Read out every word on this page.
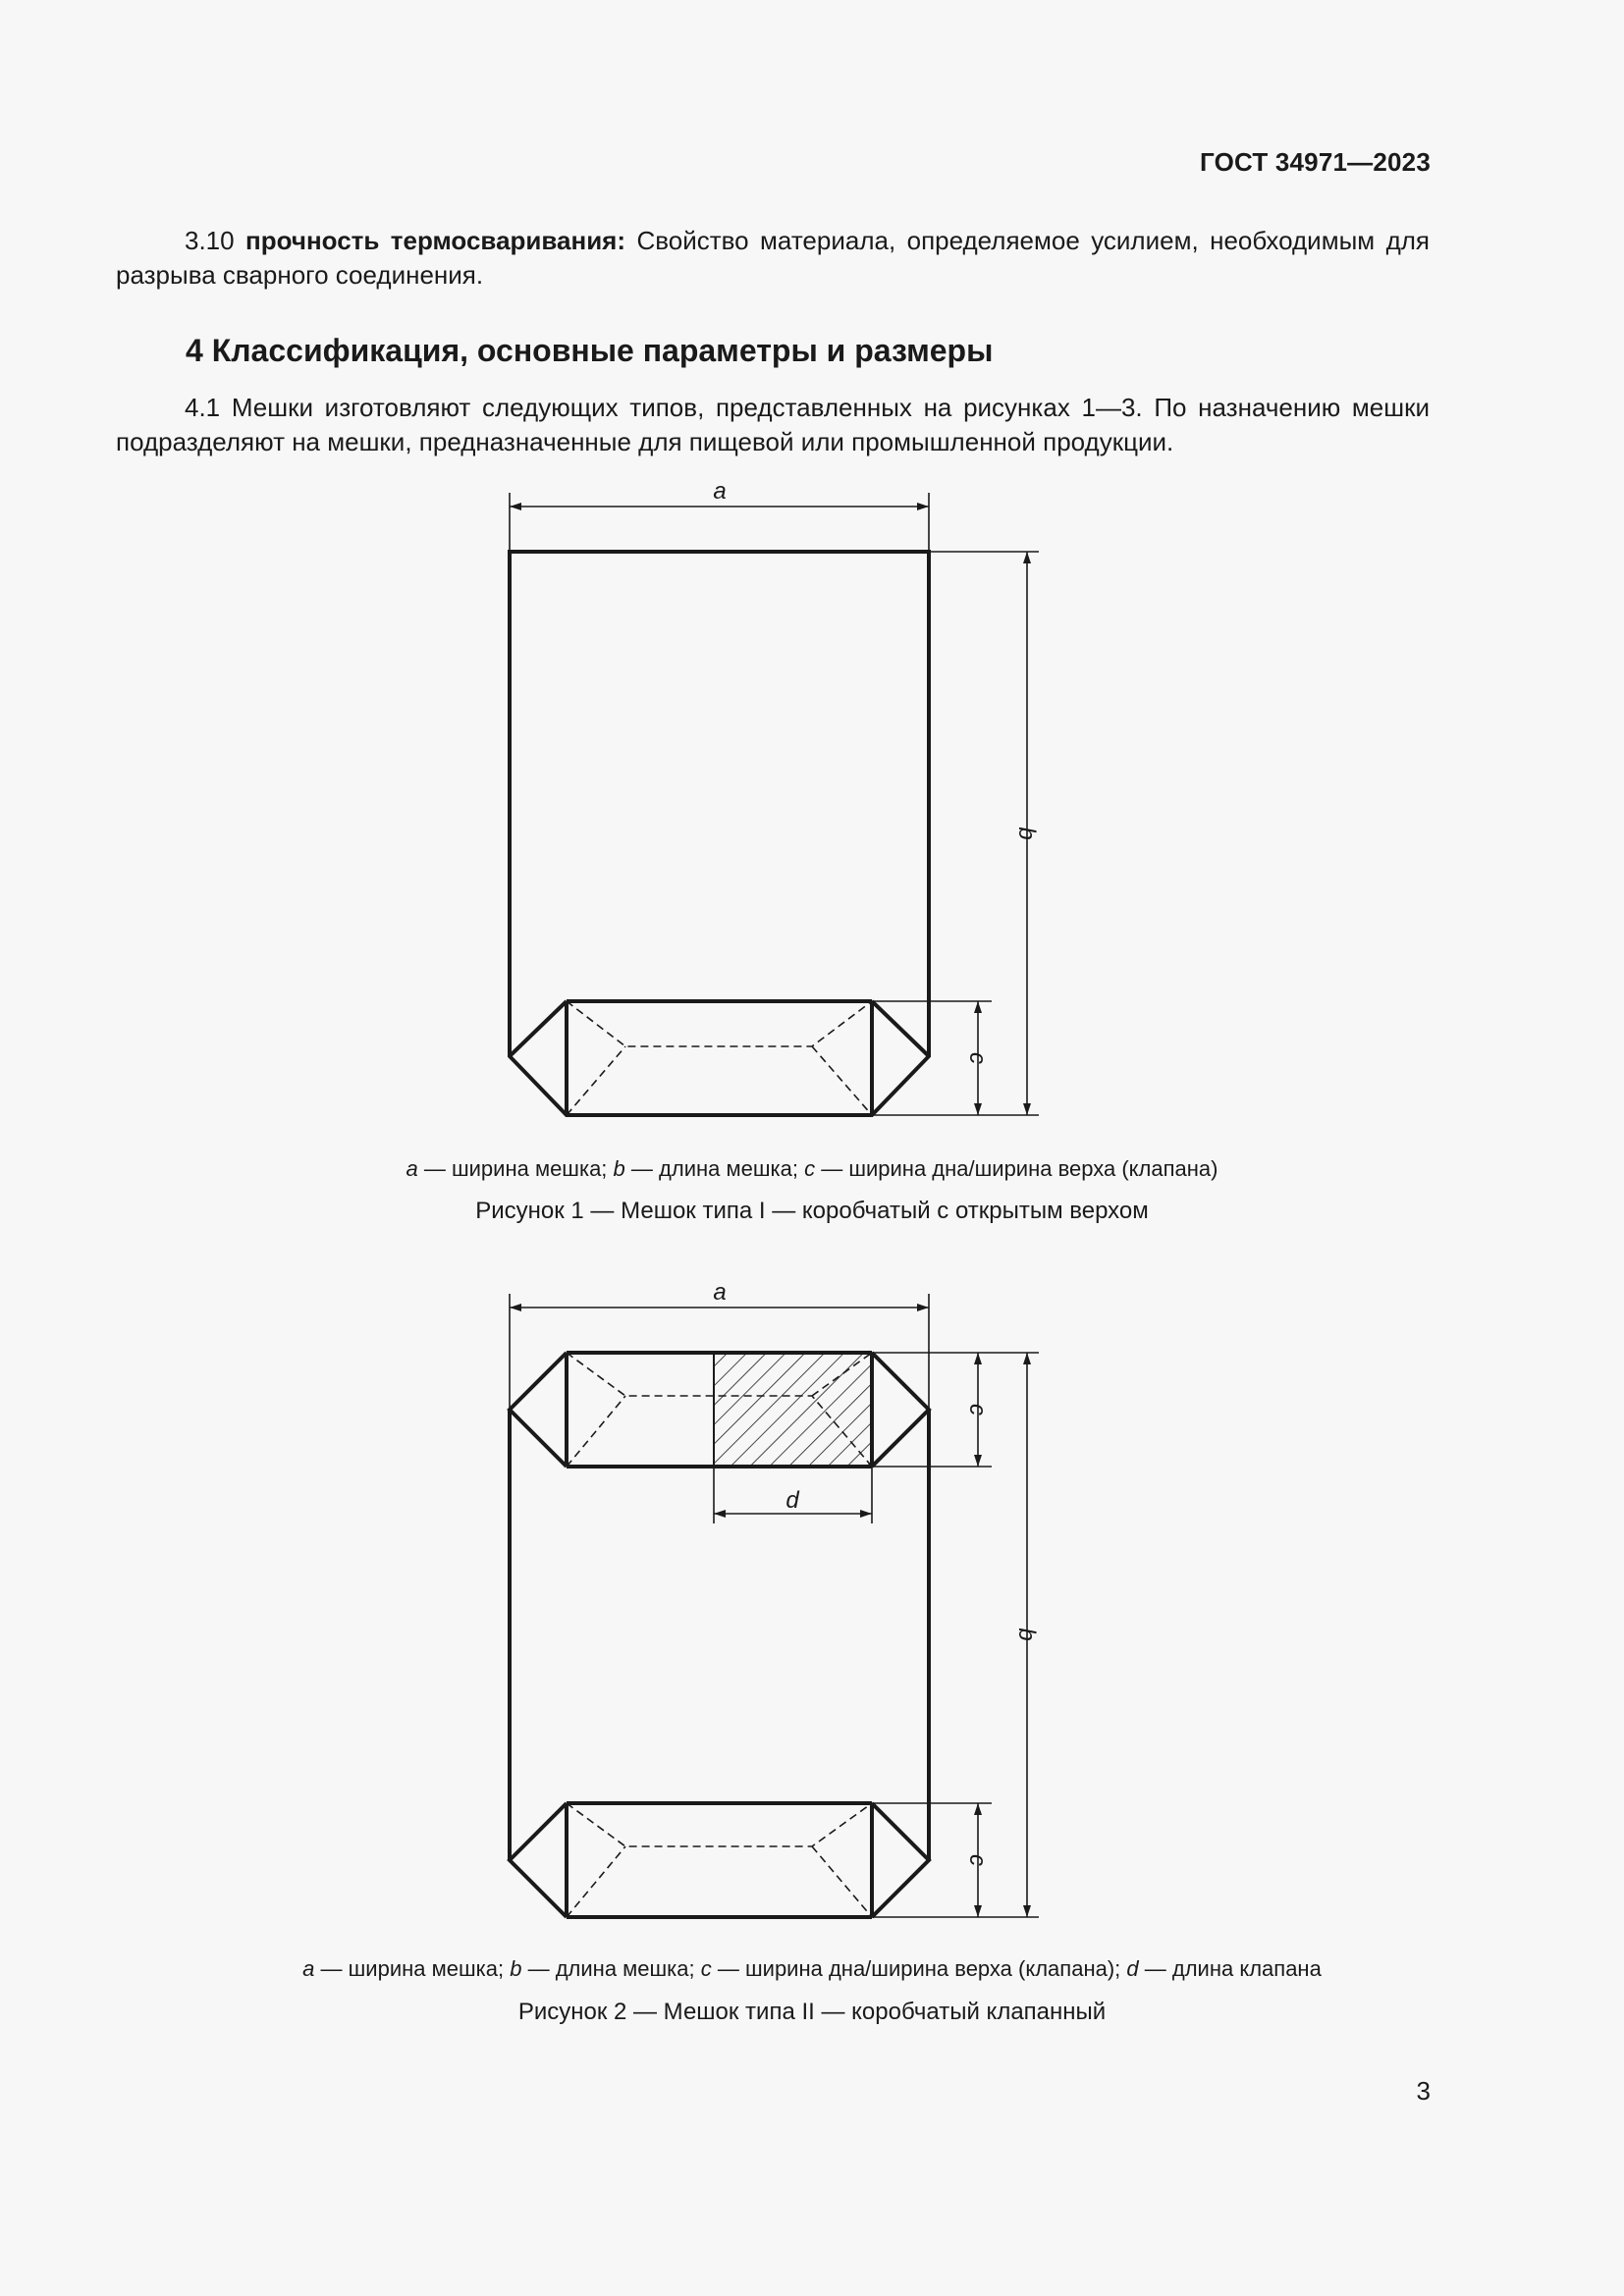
ГОСТ 34971—2023
3.10 прочность термосваривания: Свойство материала, определяемое усилием, необходимым для разрыва сварного соединения.
4 Классификация, основные параметры и размеры
4.1 Мешки изготовляют следующих типов, представленных на рисунках 1—3. По назначению мешки подразделяют на мешки, предназначенные для пищевой или промышленной продукции.
a
b
c
a
b
c
c
d
a — ширина мешка; b — длина мешка; c — ширина дна/ширина верха (клапана)
Рисунок 1 — Мешок типа I — коробчатый с открытым верхом
a — ширина мешка; b — длина мешка; c — ширина дна/ширина верха (клапана); d — длина клапана
Рисунок 2 — Мешок типа II — коробчатый клапанный
3
